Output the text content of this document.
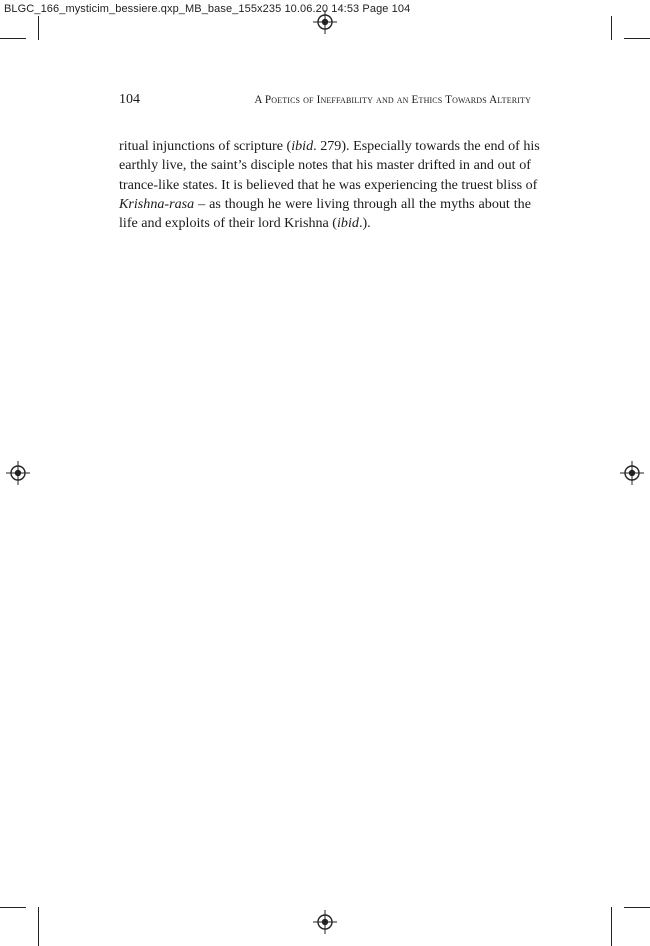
BLGC_166_mysticim_bessiere.qxp_MB_base_155x235 10.06.20 14:53 Page 104
104	A Poetics of Ineffability and an Ethics Towards Alterity

ritual injunctions of scripture (ibid. 279). Especially towards the end of his
earthly live, the saint’s disciple notes that his master drifted in and out of
trance-like states. It is believed that he was experiencing the truest bliss of
Krishna-rasa – as though he were living through all the myths about the
life and exploits of their lord Krishna (ibid.).
